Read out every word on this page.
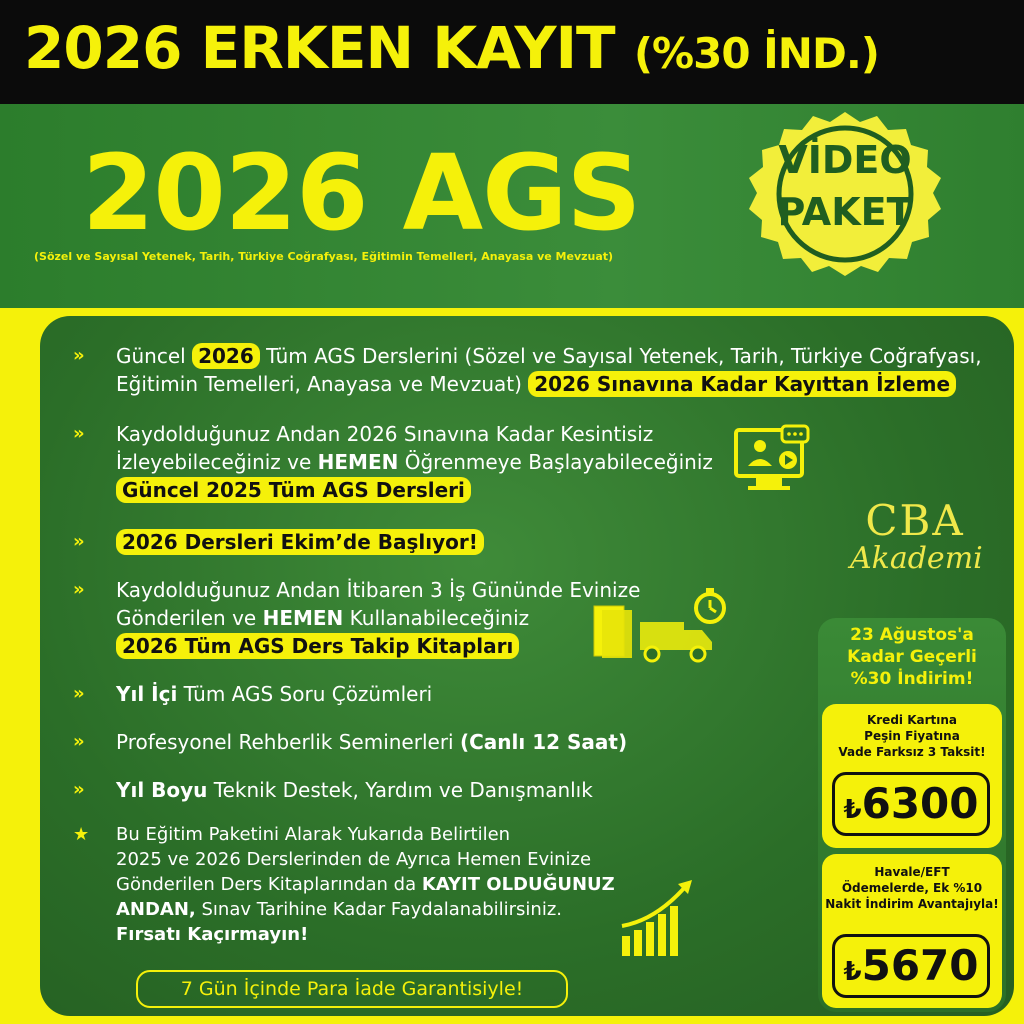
2026 ERKEN KAYIT (%30 İND.)
2026 AGS
(Sözel ve Sayısal Yetenek, Tarih, Türkiye Coğrafyası, Eğitimin Temelleri, Anayasa ve Mevzuat)
VİDEO
PAKET
» Güncel 2026 Tüm AGS Derslerini (Sözel ve Sayısal Yetenek, Tarih, Türkiye Coğrafyası,
Eğitimin Temelleri, Anayasa ve Mevzuat) 2026 Sınavına Kadar Kayıttan İzleme
» Kaydolduğunuz Andan 2026 Sınavına Kadar Kesintisiz
İzleyebileceğiniz ve HEMEN Öğrenmeye Başlayabileceğiniz
Güncel 2025 Tüm AGS Dersleri
»	2026 Dersleri Ekim’de Başlıyor!
» Kaydolduğunuz Andan İtibaren 3 İş Gününde Evinize
Gönderilen ve HEMEN Kullanabileceğiniz
2026 Tüm AGS Ders Takip Kitapları
» Yıl İçi Tüm AGS Soru Çözümleri
» Profesyonel Rehberlik Seminerleri (Canlı 12 Saat)
» Yıl Boyu Teknik Destek, Yardım ve Danışmanlık
★ Bu Eğitim Paketini Alarak Yukarıda Belirtilen
2025 ve 2026 Derslerinden de Ayrıca Hemen Evinize
Gönderilen Ders Kitaplarından da KAYIT OLDUĞUNUZ
ANDAN, Sınav Tarihine Kadar Faydalanabilirsiniz.
Fırsatı Kaçırmayın!
CBA
Akademi
23 Ağustos'a
Kadar Geçerli
%30 İndirim!
Kredi Kartına
Peşin Fiyatına
Vade Farksız 3 Taksit!
₺6300
Havale/EFT
Ödemelerde, Ek %10
Nakit İndirim Avantajıyla!
₺5670
7 Gün İçinde Para İade Garantisiyle!
